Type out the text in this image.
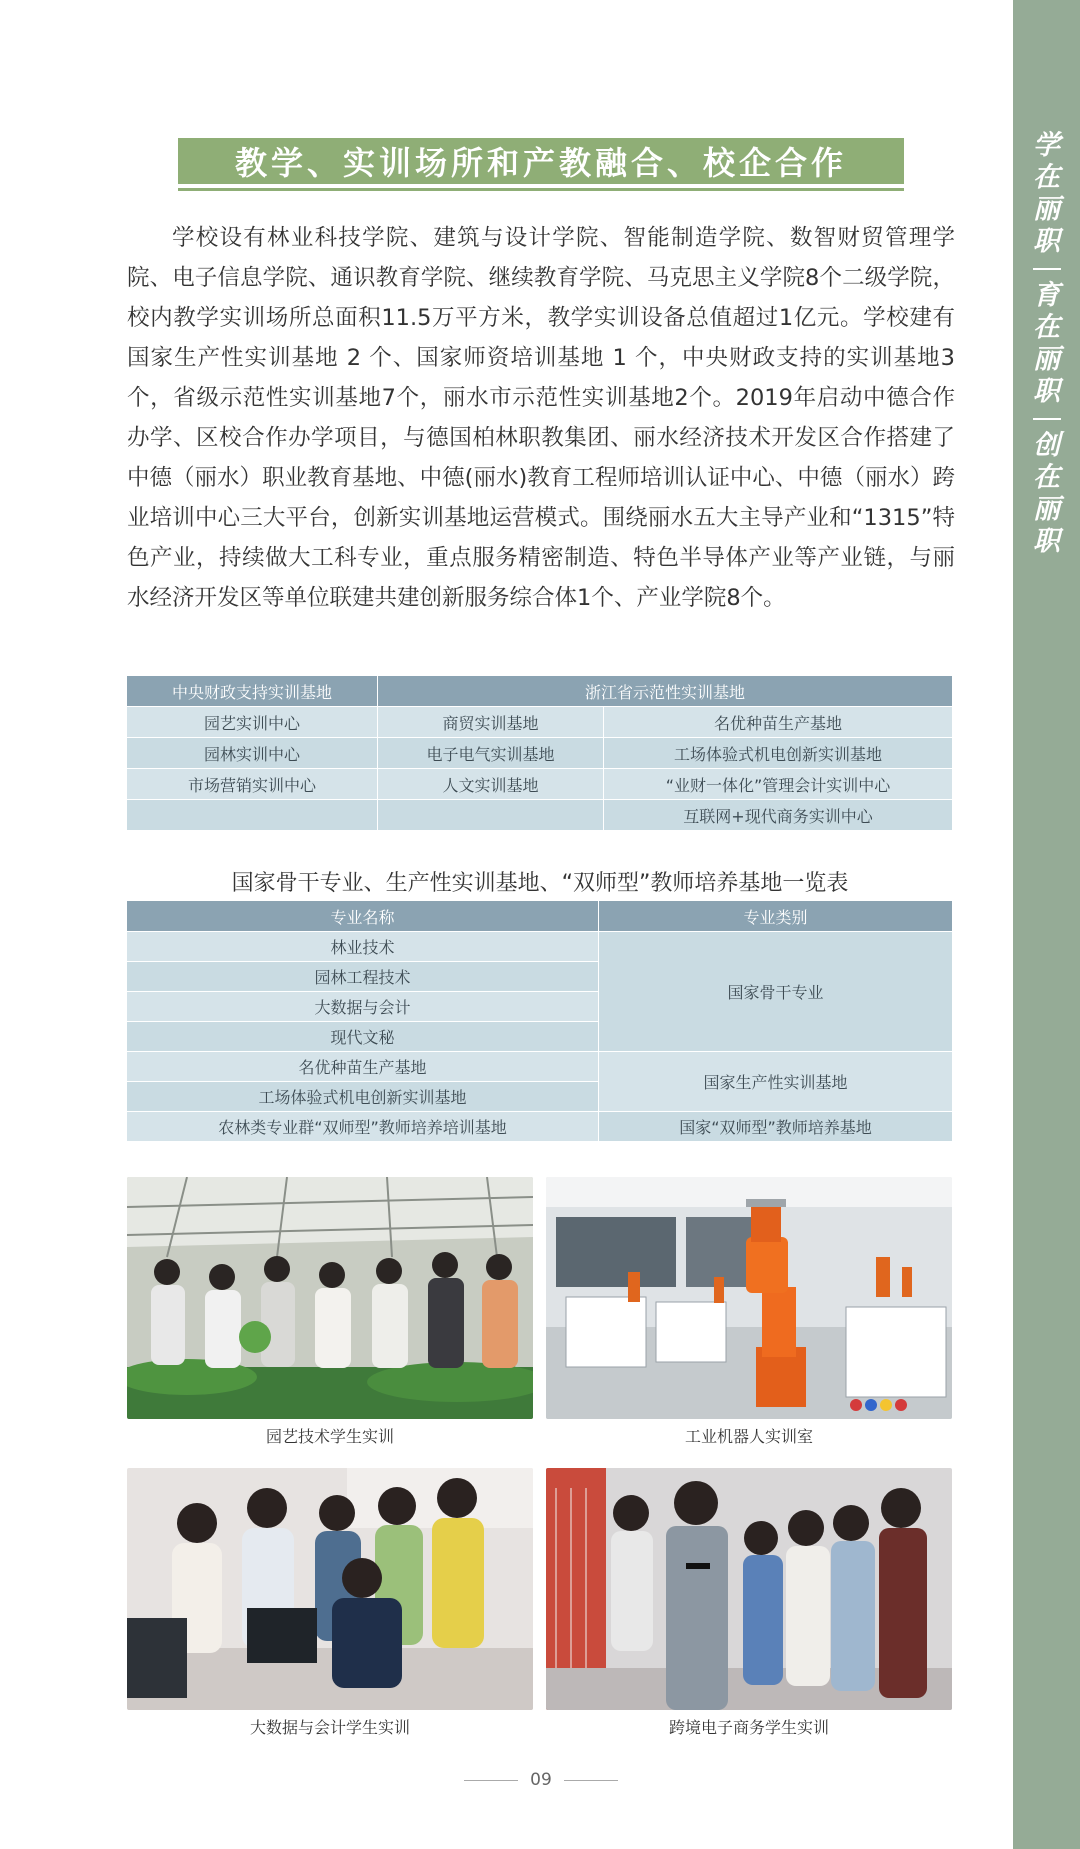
学
在
丽
职
育
在
丽
职
创
在
丽
职
教学、实训场所和产教融合、校企合作

学校设有林业科技学院、建筑与设计学院、智能制造学院、数智财贸管理学院、电子信息学院、通识教育学院、继续教育学院、马克思主义学院8个二级学院，校内教学实训场所总面积11.5万平方米，教学实训设备总值超过1亿元。学校建有国家生产性实训基地 2 个、国家师资培训基地 1 个，中央财政支持的实训基地3个，省级示范性实训基地7个，丽水市示范性实训基地2个。2019年启动中德合作办学、区校合作办学项目，与德国柏林职教集团、丽水经济技术开发区合作搭建了中德（丽水）职业教育基地、中德(丽水)教育工程师培训认证中心、中德（丽水）跨业培训中心三大平台，创新实训基地运营模式。围绕丽水五大主导产业和“1315”特色产业，持续做大工科专业，重点服务精密制造、特色半导体产业等产业链，与丽水经济开发区等单位联建共建创新服务综合体1个、产业学院8个。

中央财政支持实训基地	浙江省示范性实训基地	
园艺实训中心	商贸实训基地	名优种苗生产基地
园林实训中心	电子电气实训基地	工场体验式机电创新实训基地
市场营销实训中心	人文实训基地	“业财一体化”管理会计实训中心
		互联网+现代商务实训中心
国家骨干专业、生产性实训基地、“双师型”教师培养基地一览表
专业名称	专业类别
林业技术	国家骨干专业
园林工程技术	
大数据与会计	
现代文秘	
名优种苗生产基地	国家生产性实训基地
工场体验式机电创新实训基地	
农林类专业群“双师型”教师培养培训基地	国家“双师型”教师培养基地
园艺技术学生实训	工业机器人实训室
大数据与会计学生实训	跨境电子商务学生实训
09
